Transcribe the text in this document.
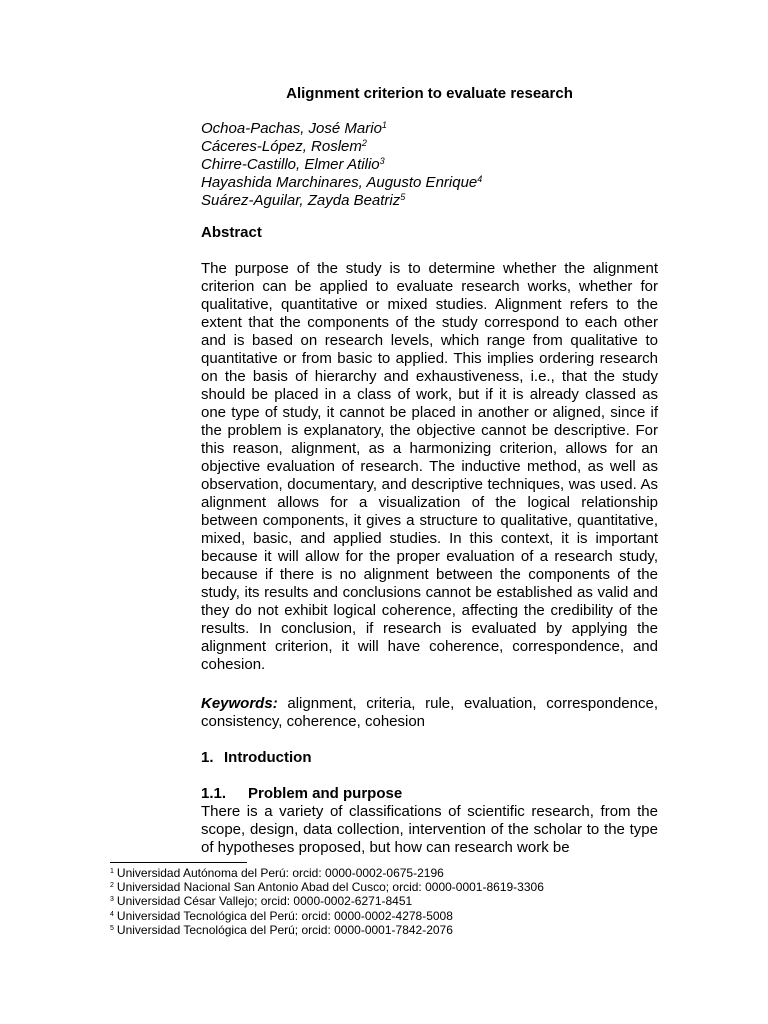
Alignment criterion to evaluate research
Ochoa-Pachas, José Mario$^1$
Cáceres-López, Roslem$^2$
Chirre-Castillo, Elmer Atilio$^3$
Hayashida Marchinares, Augusto Enrique$^4$
Suárez-Aguilar, Zayda Beatriz$^5$
Abstract
The purpose of the study is to determine whether the alignment criterion can be applied to evaluate research works, whether for qualitative, quantitative or mixed studies. Alignment refers to the extent that the components of the study correspond to each other and is based on research levels, which range from qualitative to quantitative or from basic to applied. This implies ordering research on the basis of hierarchy and exhaustiveness, i.e., that the study should be placed in a class of work, but if it is already classed as one type of study, it cannot be placed in another or aligned, since if the problem is explanatory, the objective cannot be descriptive. For this reason, alignment, as a harmonizing criterion, allows for an objective evaluation of research. The inductive method, as well as observation, documentary, and descriptive techniques, was used. As alignment allows for a visualization of the logical relationship between components, it gives a structure to qualitative, quantitative, mixed, basic, and applied studies. In this context, it is important because it will allow for the proper evaluation of a research study, because if there is no alignment between the components of the study, its results and conclusions cannot be established as valid and they do not exhibit logical coherence, affecting the credibility of the results. In conclusion, if research is evaluated by applying the alignment criterion, it will have coherence, correspondence, and cohesion.
Keywords: alignment, criteria, rule, evaluation, correspondence, consistency, coherence, cohesion
1. Introduction
1.1. Problem and purpose
There is a variety of classifications of scientific research, from the scope, design, data collection, intervention of the scholar to the type of hypotheses proposed, but how can research work be
$^1$ Universidad Autónoma del Perú: orcid: 0000-0002-0675-2196
$^2$ Universidad Nacional San Antonio Abad del Cusco; orcid: 0000-0001-8619-3306
$^3$ Universidad César Vallejo; orcid: 0000-0002-6271-8451
$^4$ Universidad Tecnológica del Perú: orcid: 0000-0002-4278-5008
$^5$ Universidad Tecnológica del Perú; orcid: 0000-0001-7842-2076
